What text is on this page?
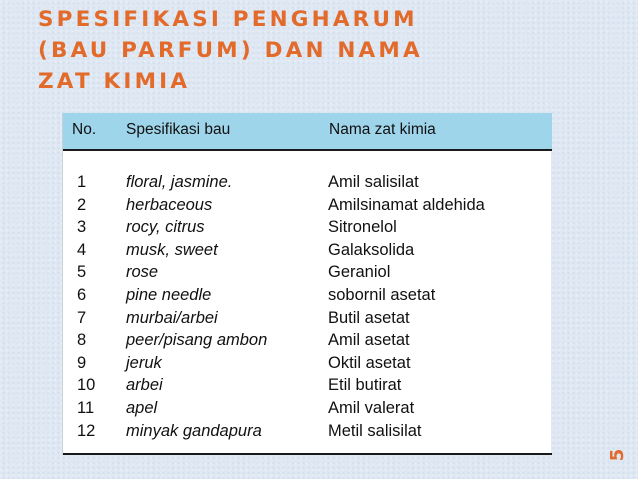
SPESIFIKASI PENGHARUM
(BAU PARFUM) DAN NAMA
ZAT KIMIA
No. Spesifikasi bau	Nama zat kimia
1 floral, jasmine.	Amil salisilat
2 herbaceous	Amilsinamat aldehida
3 rocy, citrus	Sitronelol
4 musk, sweet	Galaksolida
5 rose	Geraniol
6 pine needle	sobornil asetat
7 murbai/arbei	Butil asetat
8 peer/pisang ambon	Amil asetat
9 jeruk	Oktil asetat
10 arbei	Etil butirat
11 apel	Amil valerat
12 minyak gandapura	Metil salisilat
5
